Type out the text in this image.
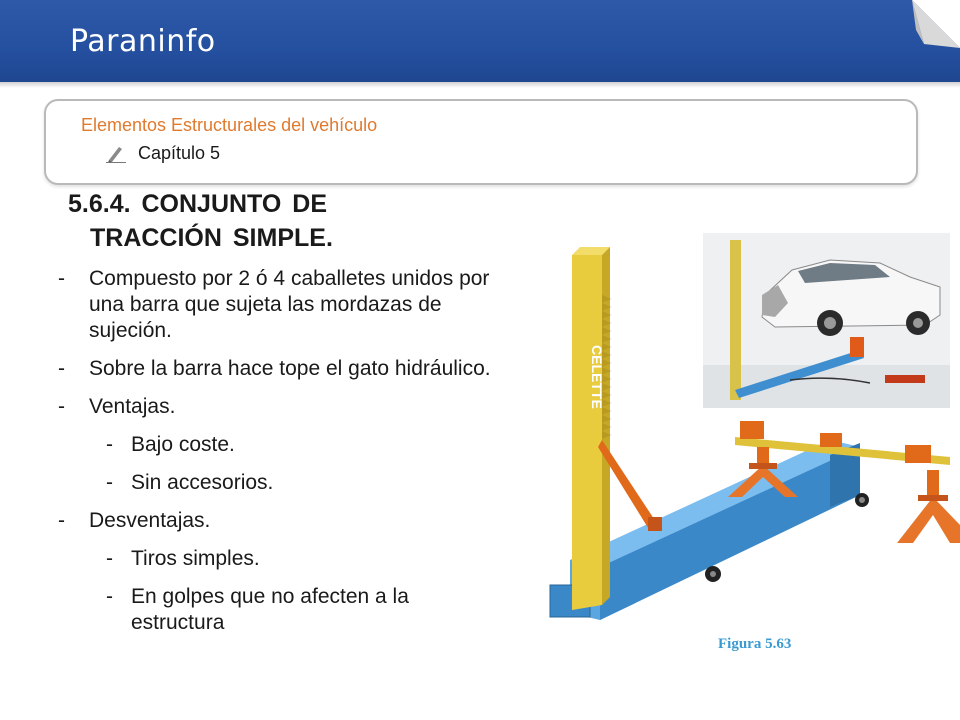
Paraninfo
Elementos Estructurales del vehículo
Capítulo 5
5.6.4. CONJUNTO DE
TRACCIÓN SIMPLE.
- Compuesto por 2 ó 4 caballetes unidos por una barra que sujeta las mordazas de sujeción.
- Sobre la barra hace tope el gato hidráulico.
- Ventajas.
- Bajo coste.
- Sin accesorios.
- Desventajas.
- Tiros simples.
- En golpes que no afecten a la estructura
CELETTE
Figura 5.63
